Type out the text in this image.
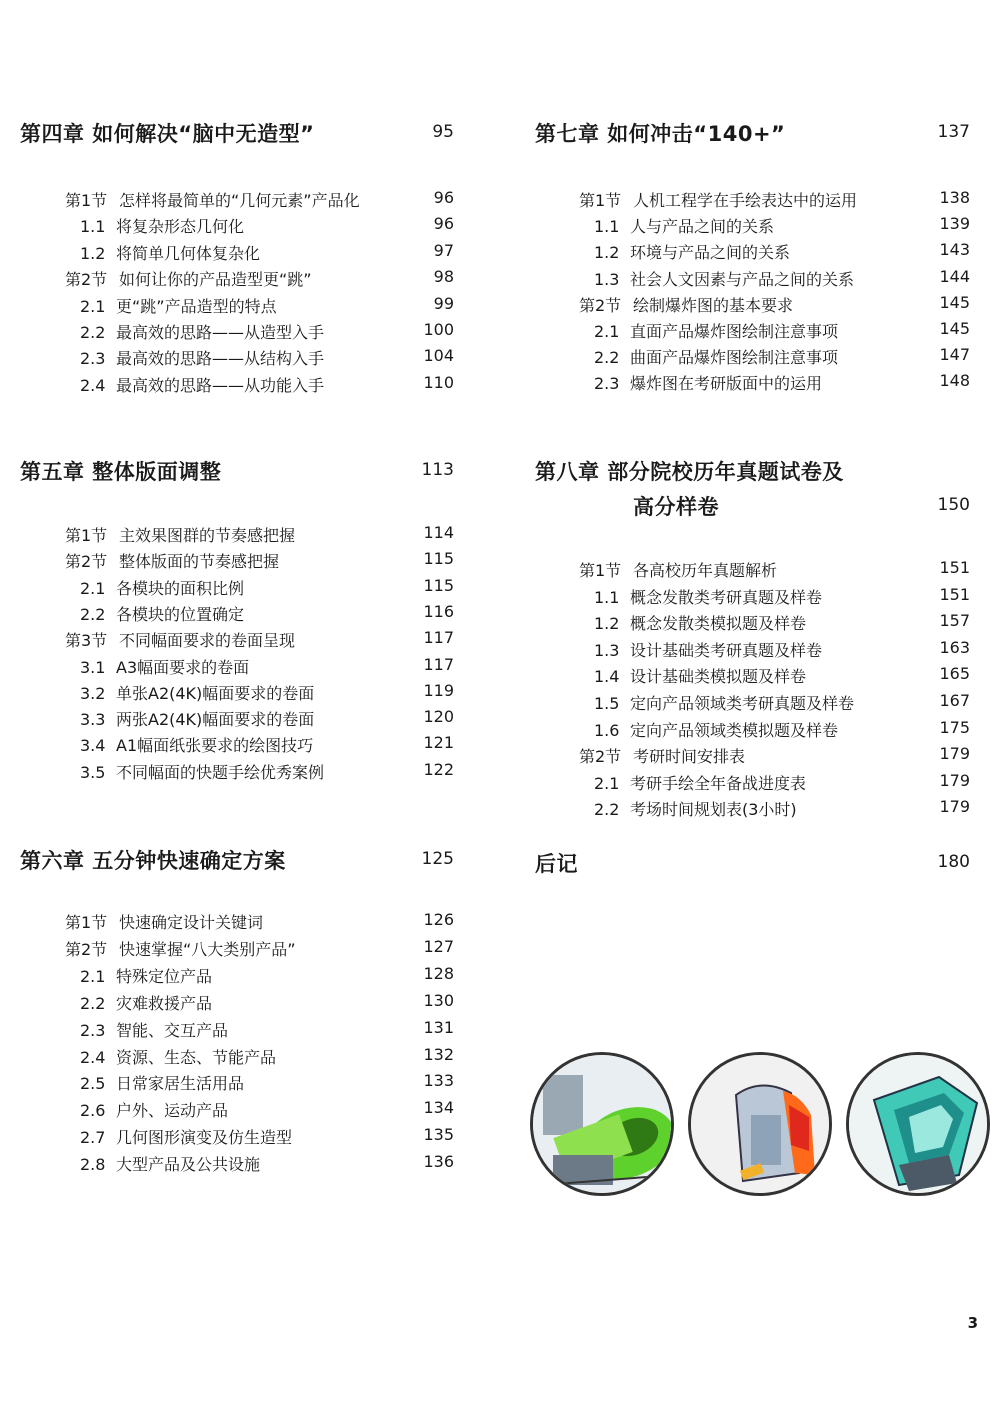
第四章 如何解决“脑中无造型”	95
第1节 怎样将最简单的“几何元素”产品化	96
1.1 将复杂形态几何化	96
1.2 将简单几何体复杂化	97
第2节 如何让你的产品造型更“跳”	98
2.1 更“跳”产品造型的特点	99
2.2 最高效的思路——从造型入手	100
2.3 最高效的思路——从结构入手	104
2.4 最高效的思路——从功能入手	110
第五章 整体版面调整	113
第1节 主效果图群的节奏感把握	114
第2节 整体版面的节奏感把握	115
2.1 各模块的面积比例	115
2.2 各模块的位置确定	116
第3节 不同幅面要求的卷面呈现	117
3.1 A3幅面要求的卷面	117
3.2 单张A2(4K)幅面要求的卷面	119
3.3 两张A2(4K)幅面要求的卷面	120
3.4 A1幅面纸张要求的绘图技巧	121
3.5 不同幅面的快题手绘优秀案例	122
第六章 五分钟快速确定方案	125
第1节 快速确定设计关键词	126
第2节 快速掌握“八大类别产品”	127
2.1 特殊定位产品	128
2.2 灾难救援产品	130
2.3 智能、交互产品	131
2.4 资源、生态、节能产品	132
2.5 日常家居生活用品	133
2.6 户外、运动产品	134
2.7 几何图形演变及仿生造型	135
2.8 大型产品及公共设施	136
第七章 如何冲击“140+”	137
第1节 人机工程学在手绘表达中的运用	138
1.1 人与产品之间的关系	139
1.2 环境与产品之间的关系	143
1.3 社会人文因素与产品之间的关系	144
第2节 绘制爆炸图的基本要求	145
2.1 直面产品爆炸图绘制注意事项	145
2.2 曲面产品爆炸图绘制注意事项	147
2.3 爆炸图在考研版面中的运用	148
第八章 部分院校历年真题试卷及
高分样卷	150
第1节 各高校历年真题解析	151
1.1 概念发散类考研真题及样卷	151
1.2 概念发散类模拟题及样卷	157
1.3 设计基础类考研真题及样卷	163
1.4 设计基础类模拟题及样卷	165
1.5 定向产品领域类考研真题及样卷	167
1.6 定向产品领域类模拟题及样卷	175
第2节 考研时间安排表	179
2.1 考研手绘全年备战进度表	179
2.2 考场时间规划表(3小时)	179
后记	180
3
